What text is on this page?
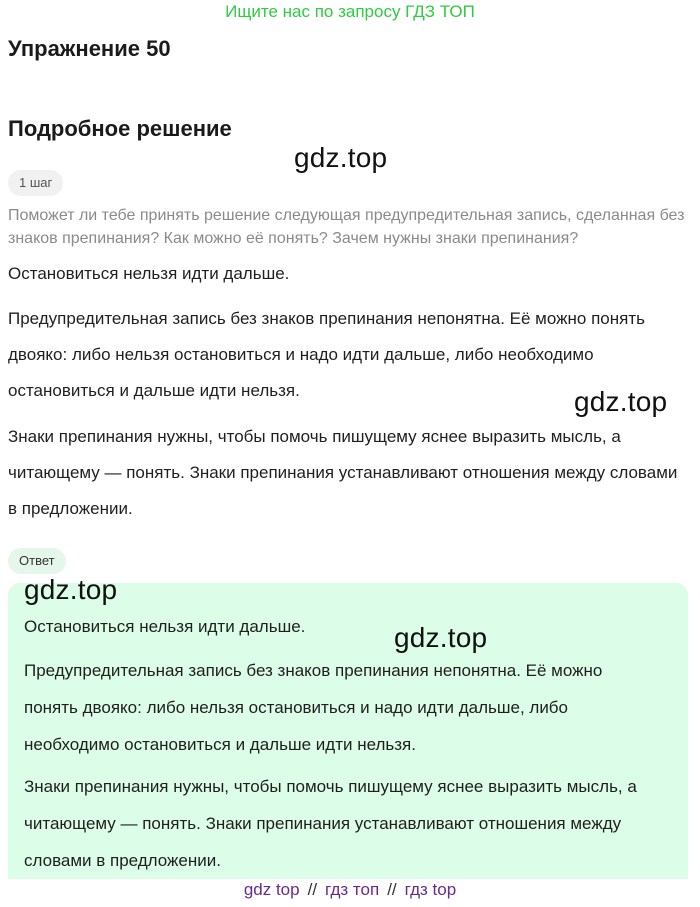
Ищите нас по запросу ГДЗ ТОП
Упражнение 50
Подробное решение
gdz.top
1 шаг
Поможет ли тебе принять решение следующая предупредительная запись, сделанная без знаков препинания? Как можно её понять? Зачем нужны знаки препинания?

Остановиться нельзя идти дальше.

Предупредительная запись без знаков препинания непонятна. Её можно понять двояко: либо нельзя остановиться и надо идти дальше, либо необходимо остановиться и дальше идти нельзя.	gdz.top

Знаки препинания нужны, чтобы помочь пишущему яснее выразить мысль, а читающему — понять. Знаки препинания устанавливают отношения между словами в предложении.

Ответ
gdz.top

Остановиться нельзя идти дальше.	gdz.top

Предупредительная запись без знаков препинания непонятна. Её можно понять двояко: либо нельзя остановиться и надо идти дальше, либо необходимо остановиться и дальше идти нельзя.

Знаки препинания нужны, чтобы помочь пишущему яснее выразить мысль, а читающему — понять. Знаки препинания устанавливают отношения между словами в предложении.

gdz top // гдз топ // гдз top
